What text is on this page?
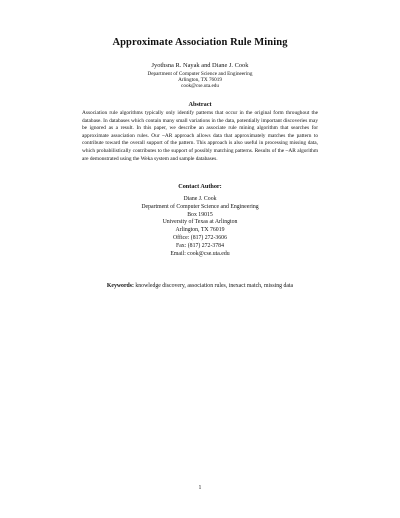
Approximate Association Rule Mining
Jyothsna R. Nayak and Diane J. Cook
Department of Computer Science and Engineering
Arlington, TX 76019
cook@cse.uta.edu
Abstract
Association rule algorithms typically only identify patterns that occur in the original form throughout the database. In databases which contain many small variations in the data, potentially important discoveries may be ignored as a result. In this paper, we describe an associate rule mining algorithm that searches for approximate association rules. Our ~AR approach allows data that approximately matches the pattern to contribute toward the overall support of the pattern. This approach is also useful in processing missing data, which probabilistically contributes to the support of possibly matching patterns. Results of the ~AR algorithm are demonstrated using the Weka system and sample databases.
Contact Author:
Diane J. Cook
Department of Computer Science and Engineering
Box 19015
University of Texas at Arlington
Arlington, TX 76019
Office: (817) 272-3606
Fax: (817) 272-3784
Email: cook@cse.uta.edu
Keywords: knowledge discovery, association rules, inexact match, missing data
1
